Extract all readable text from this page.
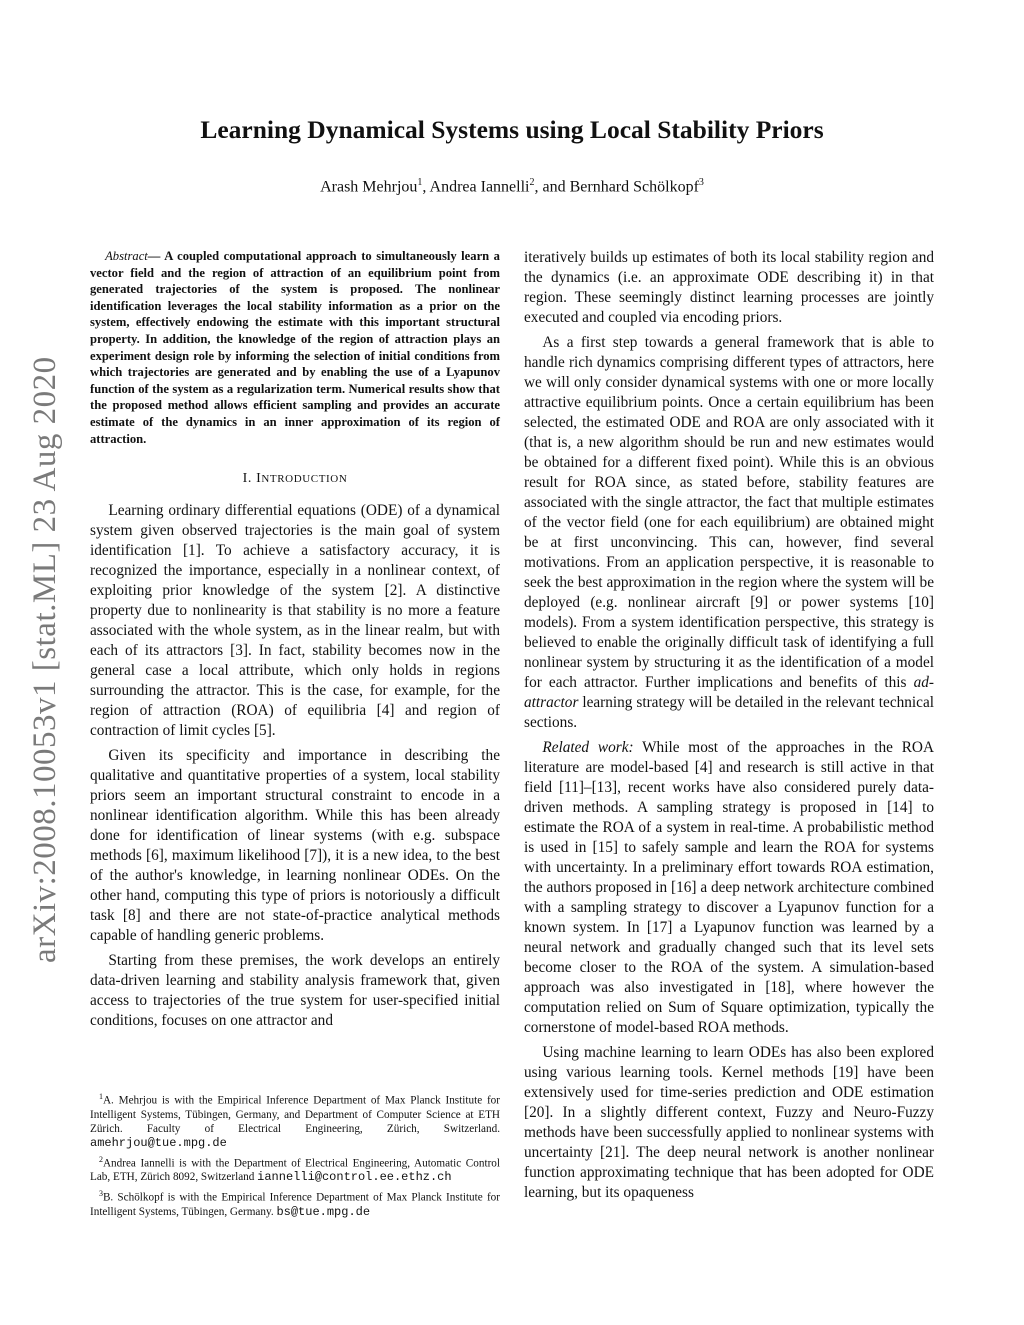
arXiv:2008.10053v1 [stat.ML] 23 Aug 2020
Learning Dynamical Systems using Local Stability Priors
Arash Mehrjou$^1$, Andrea Iannelli$^2$, and Bernhard Schölkopf$^3$

Abstract— A coupled computational approach to simultaneously learn a vector field and the region of attraction of an equilibrium point from generated trajectories of the system is proposed. The nonlinear identification leverages the local stability information as a prior on the system, effectively endowing the estimate with this important structural property. In addition, the knowledge of the region of attraction plays an experiment design role by informing the selection of initial conditions from which trajectories are generated and by enabling the use of a Lyapunov function of the system as a regularization term. Numerical results show that the proposed method allows efficient sampling and provides an accurate estimate of the dynamics in an inner approximation of its region of attraction.

I. INTRODUCTION

Learning ordinary differential equations (ODE) of a dynamical system given observed trajectories is the main goal of system identification [1]. To achieve a satisfactory accuracy, it is recognized the importance, especially in a nonlinear context, of exploiting prior knowledge of the system [2]. A distinctive property due to nonlinearity is that stability is no more a feature associated with the whole system, as in the linear realm, but with each of its attractors [3]. In fact, stability becomes now in the general case a local attribute, which only holds in regions surrounding the attractor. This is the case, for example, for the region of attraction (ROA) of equilibria [4] and region of contraction of limit cycles [5].

Given its specificity and importance in describing the qualitative and quantitative properties of a system, local stability priors seem an important structural constraint to encode in a nonlinear identification algorithm. While this has been already done for identification of linear systems (with e.g. subspace methods [6], maximum likelihood [7]), it is a new idea, to the best of the author's knowledge, in learning nonlinear ODEs. On the other hand, computing this type of priors is notoriously a difficult task [8] and there are not state-of-practice analytical methods capable of handling generic problems.

Starting from these premises, the work develops an entirely data-driven learning and stability analysis framework that, given access to trajectories of the true system for user-specified initial conditions, focuses on one attractor and

iteratively builds up estimates of both its local stability region and the dynamics (i.e. an approximate ODE describing it) in that region. These seemingly distinct learning processes are jointly executed and coupled via encoding priors.

As a first step towards a general framework that is able to handle rich dynamics comprising different types of attractors, here we will only consider dynamical systems with one or more locally attractive equilibrium points. Once a certain equilibrium has been selected, the estimated ODE and ROA are only associated with it (that is, a new algorithm should be run and new estimates would be obtained for a different fixed point). While this is an obvious result for ROA since, as stated before, stability features are associated with the single attractor, the fact that multiple estimates of the vector field (one for each equilibrium) are obtained might be at first unconvincing. This can, however, find several motivations. From an application perspective, it is reasonable to seek the best approximation in the region where the system will be deployed (e.g. nonlinear aircraft [9] or power systems [10] models). From a system identification perspective, this strategy is believed to enable the originally difficult task of identifying a full nonlinear system by structuring it as the identification of a model for each attractor. Further implications and benefits of this ad-attractor learning strategy will be detailed in the relevant technical sections.

Related work: While most of the approaches in the ROA literature are model-based [4] and research is still active in that field [11]–[13], recent works have also considered purely data-driven methods. A sampling strategy is proposed in [14] to estimate the ROA of a system in real-time. A probabilistic method is used in [15] to safely sample and learn the ROA for systems with uncertainty. In a preliminary effort towards ROA estimation, the authors proposed in [16] a deep network architecture combined with a sampling strategy to discover a Lyapunov function for a known system. In [17] a Lyapunov function was learned by a neural network and gradually changed such that its level sets become closer to the ROA of the system. A simulation-based approach was also investigated in [18], where however the computation relied on Sum of Square optimization, typically the cornerstone of model-based ROA methods.

Using machine learning to learn ODEs has also been explored using various learning tools. Kernel methods [19] have been extensively used for time-series prediction and ODE estimation [20]. In a slightly different context, Fuzzy and Neuro-Fuzzy methods have been successfully applied to nonlinear systems with uncertainty [21]. The deep neural network is another nonlinear function approximating technique that has been adopted for ODE learning, but its opaqueness

$^1$A. Mehrjou is with the Empirical Inference Department of Max Planck Institute for Intelligent Systems, Tübingen, Germany, and Department of Computer Science at ETH Zürich. Faculty of Electrical Engineering, Zürich, Switzerland. amehrjou@tue.mpg.de

$^2$Andrea Iannelli is with the Department of Electrical Engineering, Automatic Control Lab, ETH, Zürich 8092, Switzerland iannelli@control.ee.ethz.ch

$^3$B. Schölkopf is with the Empirical Inference Department of Max Planck Institute for Intelligent Systems, Tübingen, Germany. bs@tue.mpg.de
